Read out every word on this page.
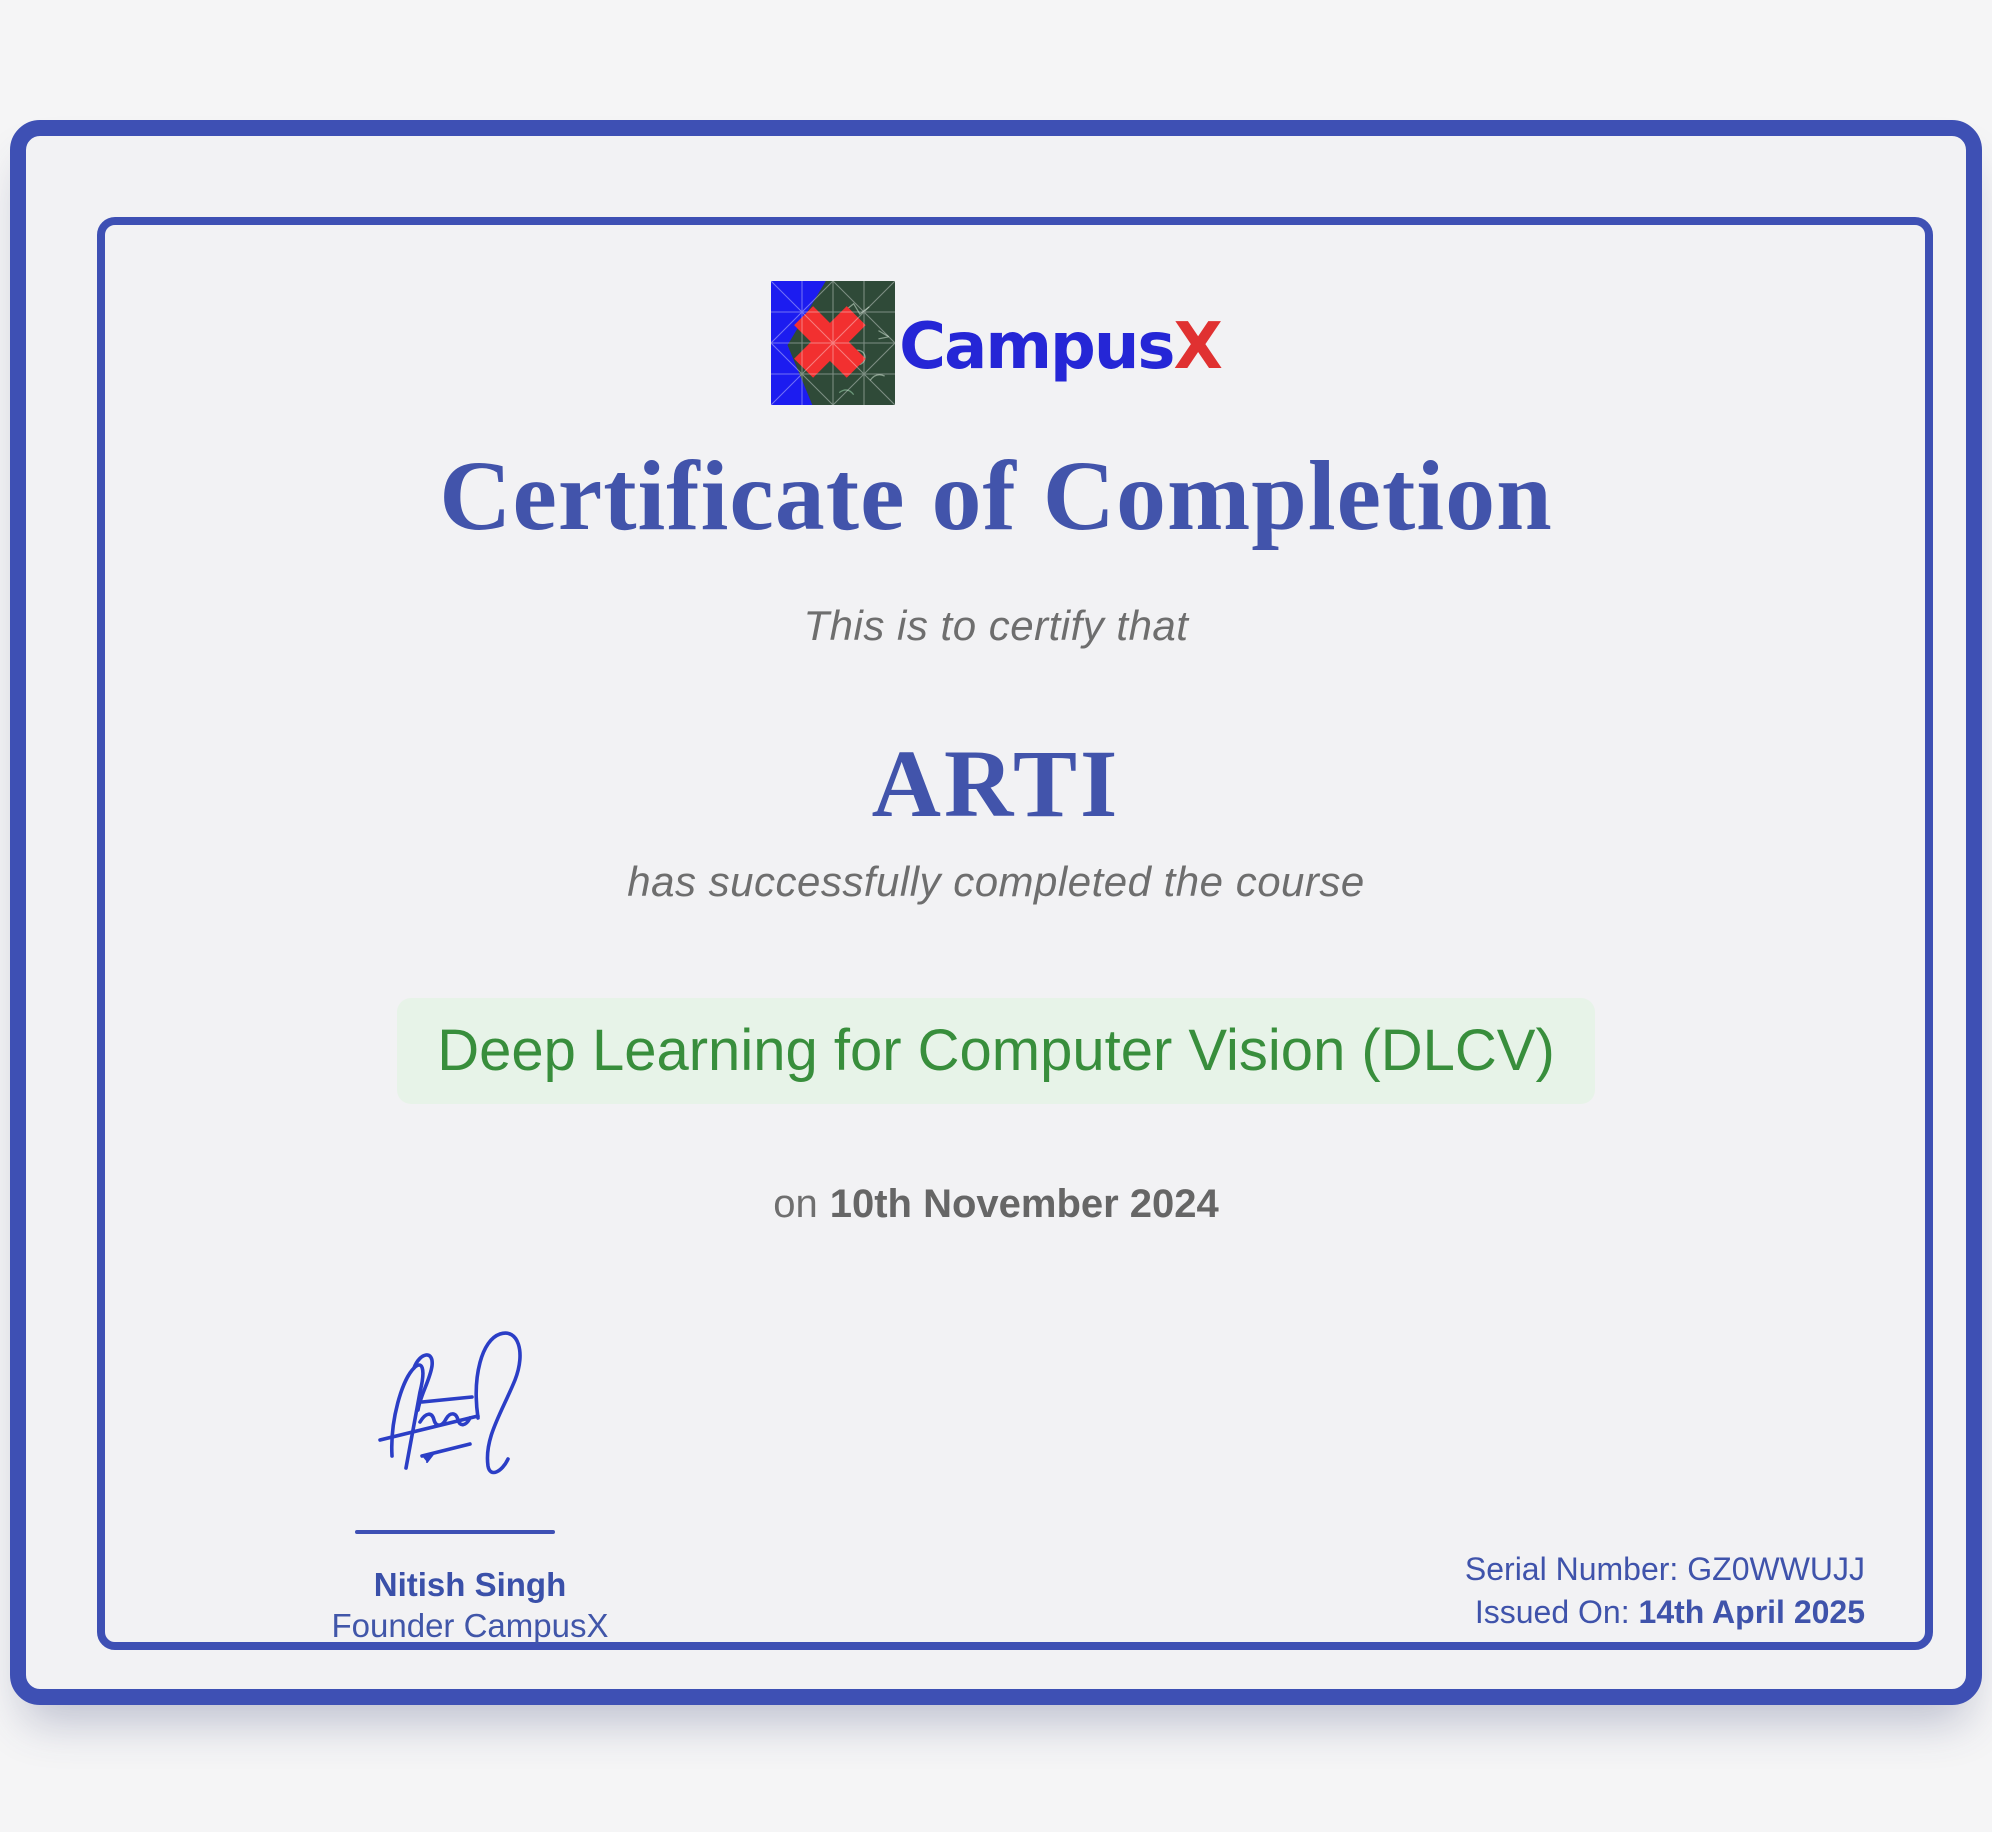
CampusX
Certificate of Completion
This is to certify that
ARTI
has successfully completed the course
Deep Learning for Computer Vision (DLCV)
on 10th November 2024
Nitish Singh
Founder CampusX
Serial Number: GZ0WWUJJ
Issued On: 14th April 2025
